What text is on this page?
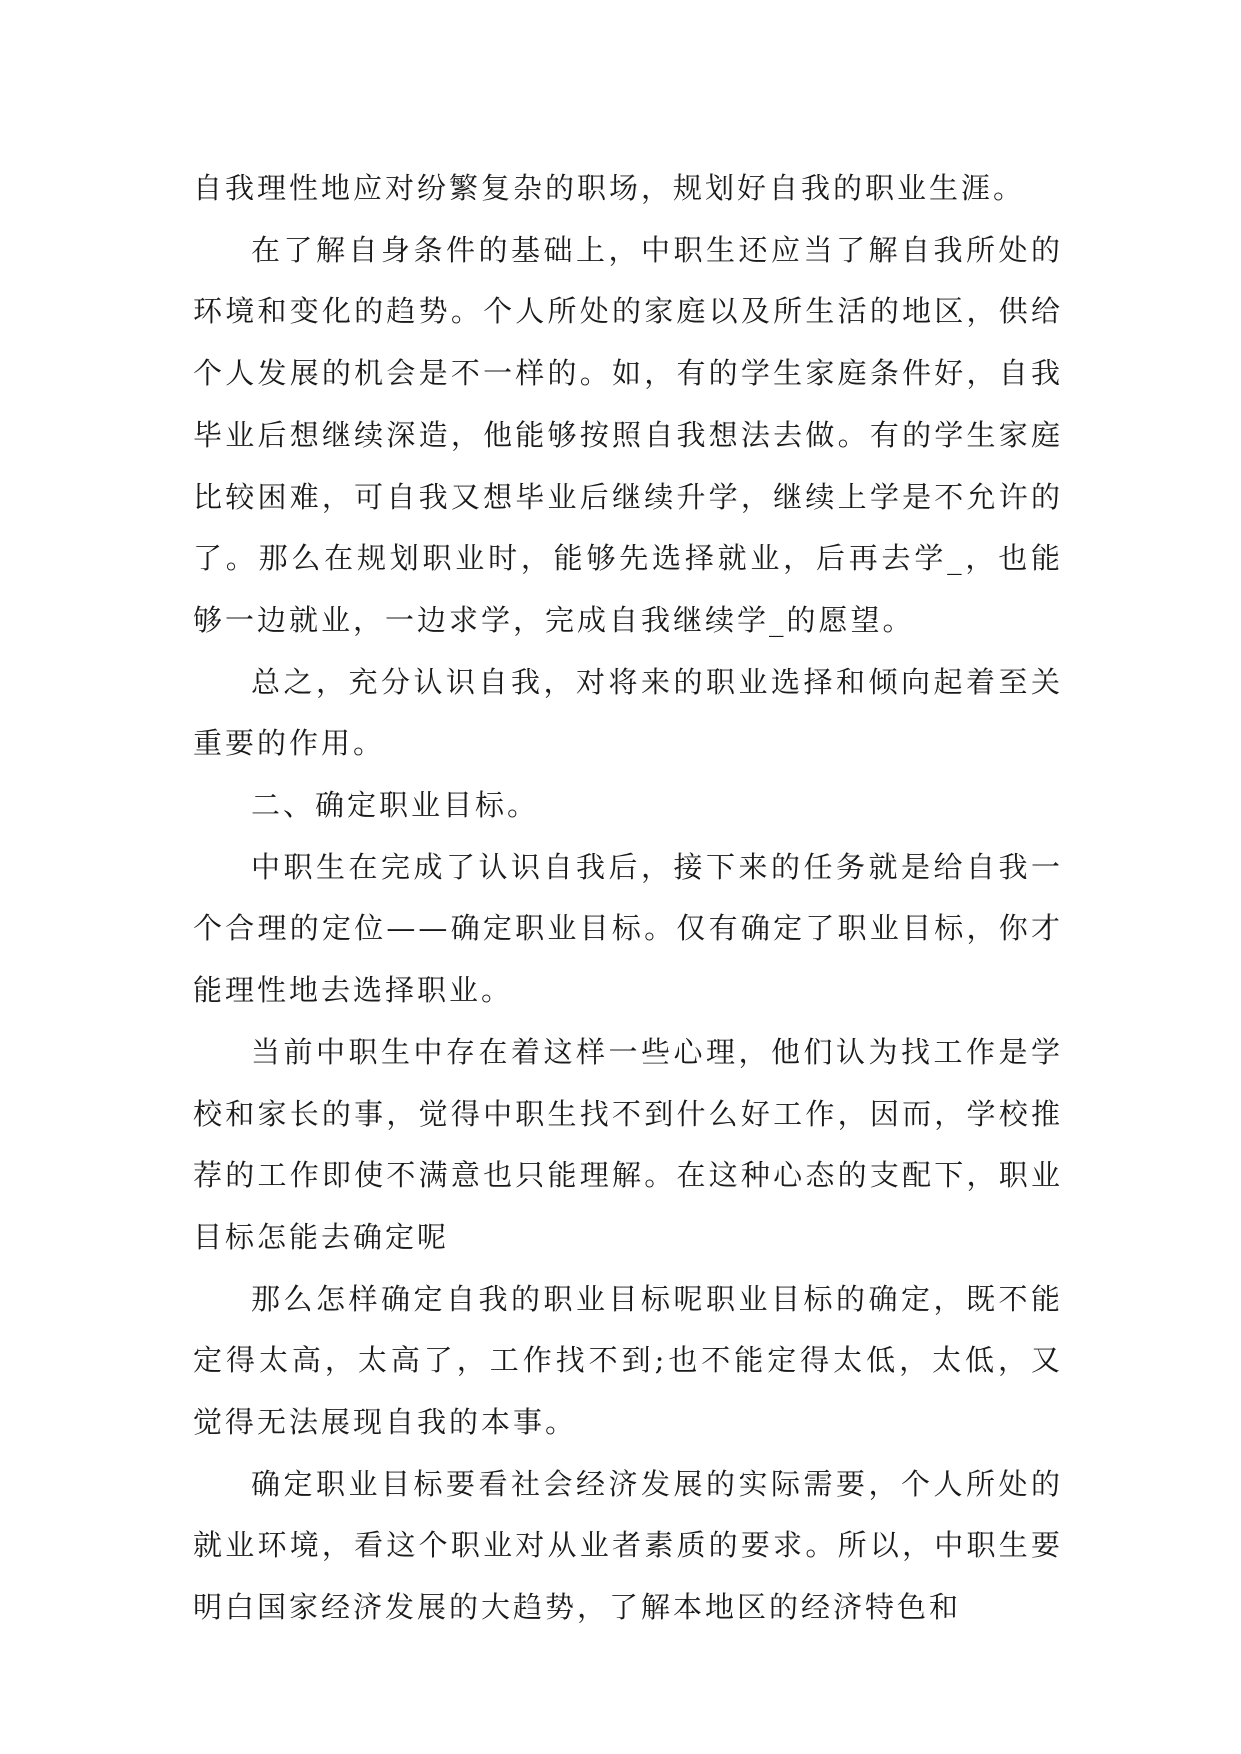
自我理性地应对纷繁复杂的职场，规划好自我的职业生涯。

在了解自身条件的基础上，中职生还应当了解自我所处的环境和变化的趋势。个人所处的家庭以及所生活的地区，供给个人发展的机会是不一样的。如，有的学生家庭条件好，自我毕业后想继续深造，他能够按照自我想法去做。有的学生家庭比较困难，可自我又想毕业后继续升学，继续上学是不允许的了。那么在规划职业时，能够先选择就业，后再去学_，也能够一边就业，一边求学，完成自我继续学_的愿望。

总之，充分认识自我，对将来的职业选择和倾向起着至关重要的作用。

二、确定职业目标。

中职生在完成了认识自我后，接下来的任务就是给自我一个合理的定位——确定职业目标。仅有确定了职业目标，你才能理性地去选择职业。

当前中职生中存在着这样一些心理，他们认为找工作是学校和家长的事，觉得中职生找不到什么好工作，因而，学校推荐的工作即使不满意也只能理解。在这种心态的支配下，职业目标怎能去确定呢

那么怎样确定自我的职业目标呢职业目标的确定，既不能定得太高，太高了，工作找不到;也不能定得太低，太低，又觉得无法展现自我的本事。

确定职业目标要看社会经济发展的实际需要，个人所处的就业环境，看这个职业对从业者素质的要求。所以，中职生要明白国家经济发展的大趋势，了解本地区的经济特色和
